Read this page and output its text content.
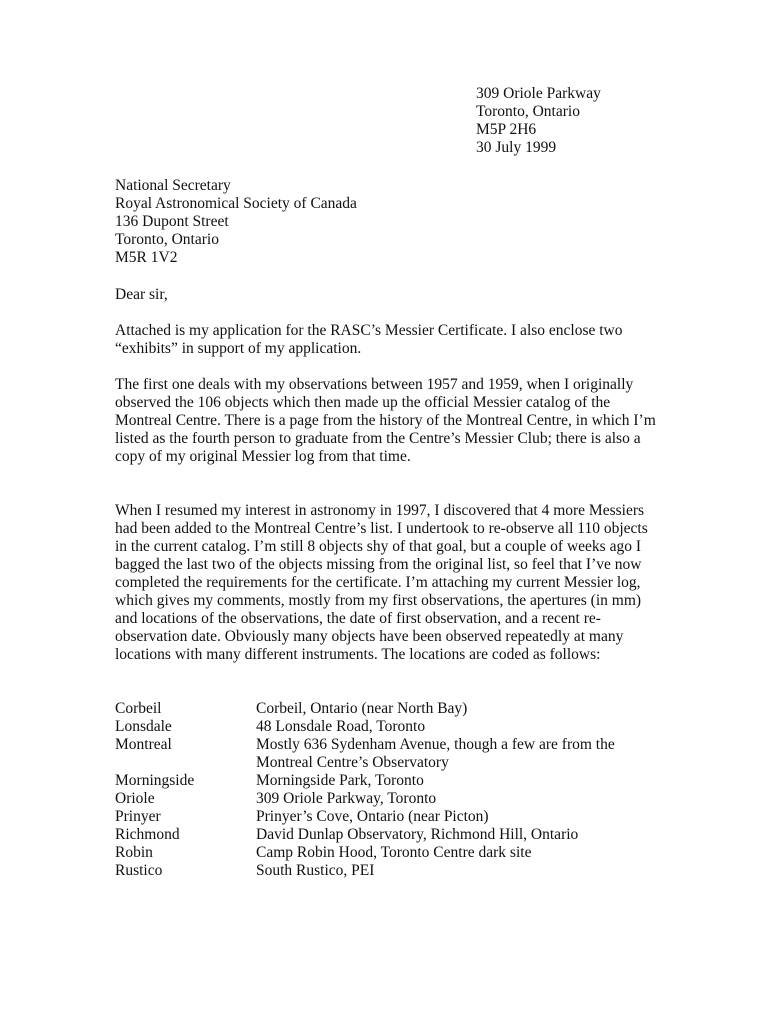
309 Oriole Parkway
Toronto, Ontario
M5P 2H6
30 July 1999
National Secretary
Royal Astronomical Society of Canada
136 Dupont Street
Toronto, Ontario
M5R 1V2
Dear sir,

Attached is my application for the RASC’s Messier Certificate. I also enclose two “exhibits” in support of my application.

The first one deals with my observations between 1957 and 1959, when I originally observed the 106 objects which then made up the official Messier catalog of the Montreal Centre. There is a page from the history of the Montreal Centre, in which I’m listed as the fourth person to graduate from the Centre’s Messier Club; there is also a copy of my original Messier log from that time.

When I resumed my interest in astronomy in 1997, I discovered that 4 more Messiers had been added to the Montreal Centre’s list. I undertook to re-observe all 110 objects in the current catalog. I’m still 8 objects shy of that goal, but a couple of weeks ago I bagged the last two of the objects missing from the original list, so feel that I’ve now completed the requirements for the certificate. I’m attaching my current Messier log, which gives my comments, mostly from my first observations, the apertures (in mm) and locations of the observations, the date of first observation, and a recent re-observation date. Obviously many objects have been observed repeatedly at many locations with many different instruments. The locations are coded as follows:

Corbeil	Corbeil, Ontario (near North Bay)
Lonsdale	48 Lonsdale Road, Toronto
Montreal	Mostly 636 Sydenham Avenue, though a few are from the Montreal Centre’s Observatory
Morningside	Morningside Park, Toronto
Oriole	309 Oriole Parkway, Toronto
Prinyer	Prinyer’s Cove, Ontario (near Picton)
Richmond	David Dunlap Observatory, Richmond Hill, Ontario
Robin	Camp Robin Hood, Toronto Centre dark site
Rustico	South Rustico, PEI
